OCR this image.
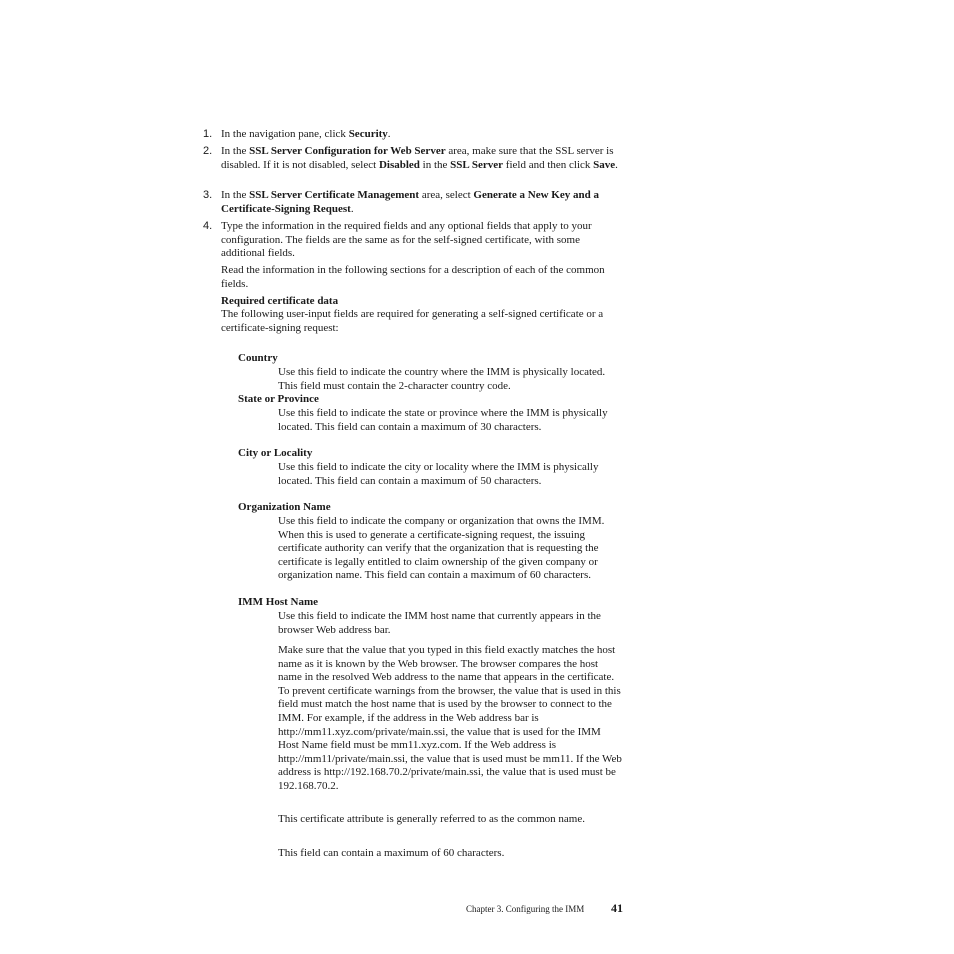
1. In the navigation pane, click Security.
2. In the SSL Server Configuration for Web Server area, make sure that the SSL server is disabled. If it is not disabled, select Disabled in the SSL Server field and then click Save.
3. In the SSL Server Certificate Management area, select Generate a New Key and a Certificate-Signing Request.
4. Type the information in the required fields and any optional fields that apply to your configuration. The fields are the same as for the self-signed certificate, with some additional fields.
Read the information in the following sections for a description of each of the common fields.
Required certificate data
The following user-input fields are required for generating a self-signed certificate or a certificate-signing request:
Country
Use this field to indicate the country where the IMM is physically located. This field must contain the 2-character country code.
State or Province
Use this field to indicate the state or province where the IMM is physically located. This field can contain a maximum of 30 characters.
City or Locality
Use this field to indicate the city or locality where the IMM is physically located. This field can contain a maximum of 50 characters.
Organization Name
Use this field to indicate the company or organization that owns the IMM. When this is used to generate a certificate-signing request, the issuing certificate authority can verify that the organization that is requesting the certificate is legally entitled to claim ownership of the given company or organization name. This field can contain a maximum of 60 characters.
IMM Host Name
Use this field to indicate the IMM host name that currently appears in the browser Web address bar.
Make sure that the value that you typed in this field exactly matches the host name as it is known by the Web browser. The browser compares the host name in the resolved Web address to the name that appears in the certificate. To prevent certificate warnings from the browser, the value that is used in this field must match the host name that is used by the browser to connect to the IMM. For example, if the address in the Web address bar is http://mm11.xyz.com/private/main.ssi, the value that is used for the IMM Host Name field must be mm11.xyz.com. If the Web address is http://mm11/private/main.ssi, the value that is used must be mm11. If the Web address is http://192.168.70.2/private/main.ssi, the value that is used must be 192.168.70.2.
This certificate attribute is generally referred to as the common name.
This field can contain a maximum of 60 characters.
Chapter 3. Configuring the IMM 41
